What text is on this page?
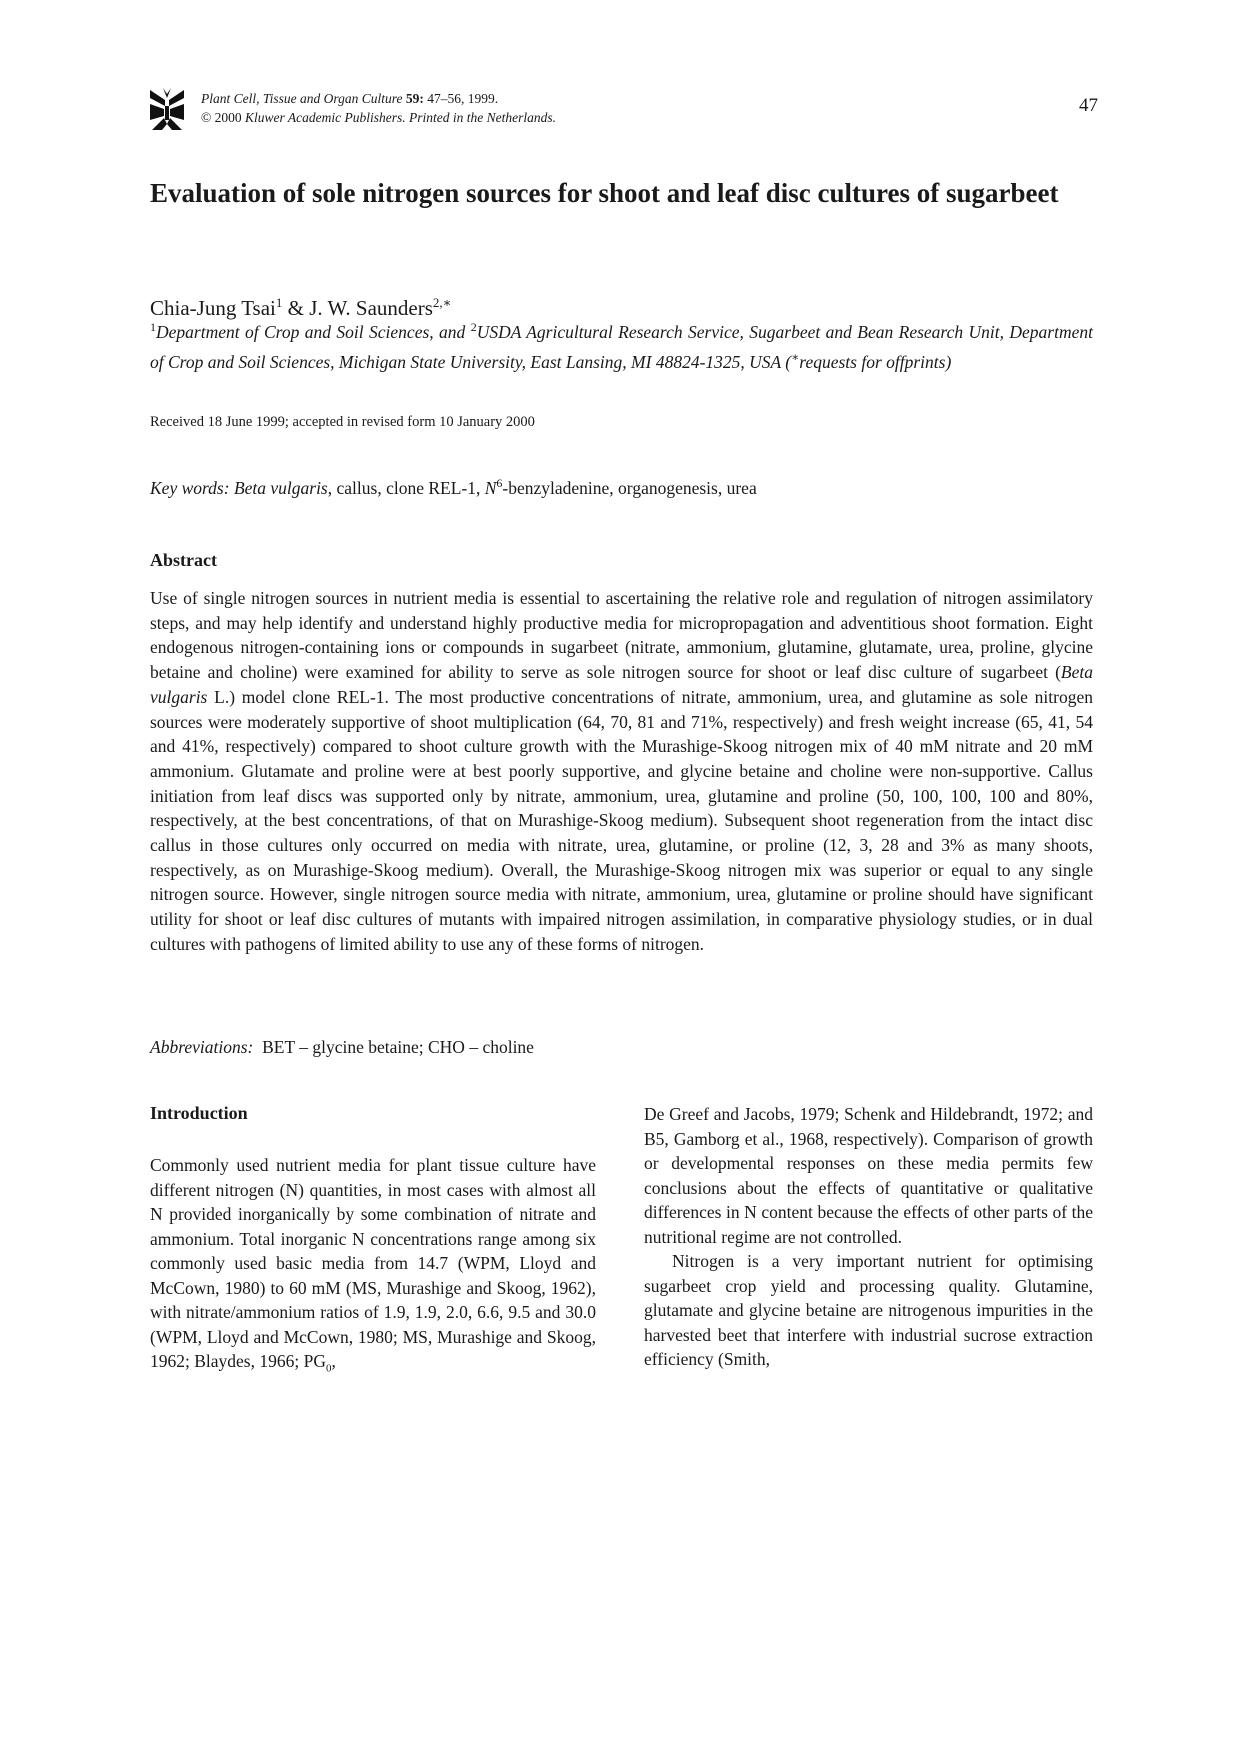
Plant Cell, Tissue and Organ Culture 59: 47–56, 1999.
© 2000 Kluwer Academic Publishers. Printed in the Netherlands.
47
Evaluation of sole nitrogen sources for shoot and leaf disc cultures of sugarbeet
Chia-Jung Tsai$^1$ & J. W. Saunders$^{2,∗}$
$^1$Department of Crop and Soil Sciences, and $^2$USDA Agricultural Research Service, Sugarbeet and Bean Research Unit, Department of Crop and Soil Sciences, Michigan State University, East Lansing, MI 48824-1325, USA (∗requests for offprints)
Received 18 June 1999; accepted in revised form 10 January 2000
Key words: Beta vulgaris, callus, clone REL-1, $N^6$-benzyladenine, organogenesis, urea
Abstract

Use of single nitrogen sources in nutrient media is essential to ascertaining the relative role and regulation of nitrogen assimilatory steps, and may help identify and understand highly productive media for micropropagation and adventitious shoot formation. Eight endogenous nitrogen-containing ions or compounds in sugarbeet (nitrate, ammonium, glutamine, glutamate, urea, proline, glycine betaine and choline) were examined for ability to serve as sole nitrogen source for shoot or leaf disc culture of sugarbeet (Beta vulgaris L.) model clone REL-1. The most productive concentrations of nitrate, ammonium, urea, and glutamine as sole nitrogen sources were moderately supportive of shoot multiplication (64, 70, 81 and 71%, respectively) and fresh weight increase (65, 41, 54 and 41%, respectively) compared to shoot culture growth with the Murashige-Skoog nitrogen mix of 40 mM nitrate and 20 mM ammonium. Glutamate and proline were at best poorly supportive, and glycine betaine and choline were non-supportive. Callus initiation from leaf discs was supported only by nitrate, ammonium, urea, glutamine and proline (50, 100, 100, 100 and 80%, respectively, at the best concentrations, of that on Murashige-Skoog medium). Subsequent shoot regeneration from the intact disc callus in those cultures only occurred on media with nitrate, urea, glutamine, or proline (12, 3, 28 and 3% as many shoots, respectively, as on Murashige-Skoog medium). Overall, the Murashige-Skoog nitrogen mix was superior or equal to any single nitrogen source. However, single nitrogen source media with nitrate, ammonium, urea, glutamine or proline should have significant utility for shoot or leaf disc cultures of mutants with impaired nitrogen assimilation, in comparative physiology studies, or in dual cultures with pathogens of limited ability to use any of these forms of nitrogen.

Abbreviations: BET – glycine betaine; CHO – choline
Introduction

Commonly used nutrient media for plant tissue culture have different nitrogen (N) quantities, in most cases with almost all N provided inorganically by some combination of nitrate and ammonium. Total inorganic N concentrations range among six commonly used basic media from 14.7 (WPM, Lloyd and McCown, 1980) to 60 mM (MS, Murashige and Skoog, 1962), with nitrate/ammonium ratios of 1.9, 1.9, 2.0, 6.6, 9.5 and 30.0 (WPM, Lloyd and McCown, 1980; MS, Murashige and Skoog, 1962; Blaydes, 1966; $PG_0$,

De Greef and Jacobs, 1979; Schenk and Hildebrandt, 1972; and B5, Gamborg et al., 1968, respectively). Comparison of growth or developmental responses on these media permits few conclusions about the effects of quantitative or qualitative differences in N content because the effects of other parts of the nutritional regime are not controlled.

Nitrogen is a very important nutrient for optimising sugarbeet crop yield and processing quality. Glutamine, glutamate and glycine betaine are nitrogenous impurities in the harvested beet that interfere with industrial sucrose extraction efficiency (Smith,
